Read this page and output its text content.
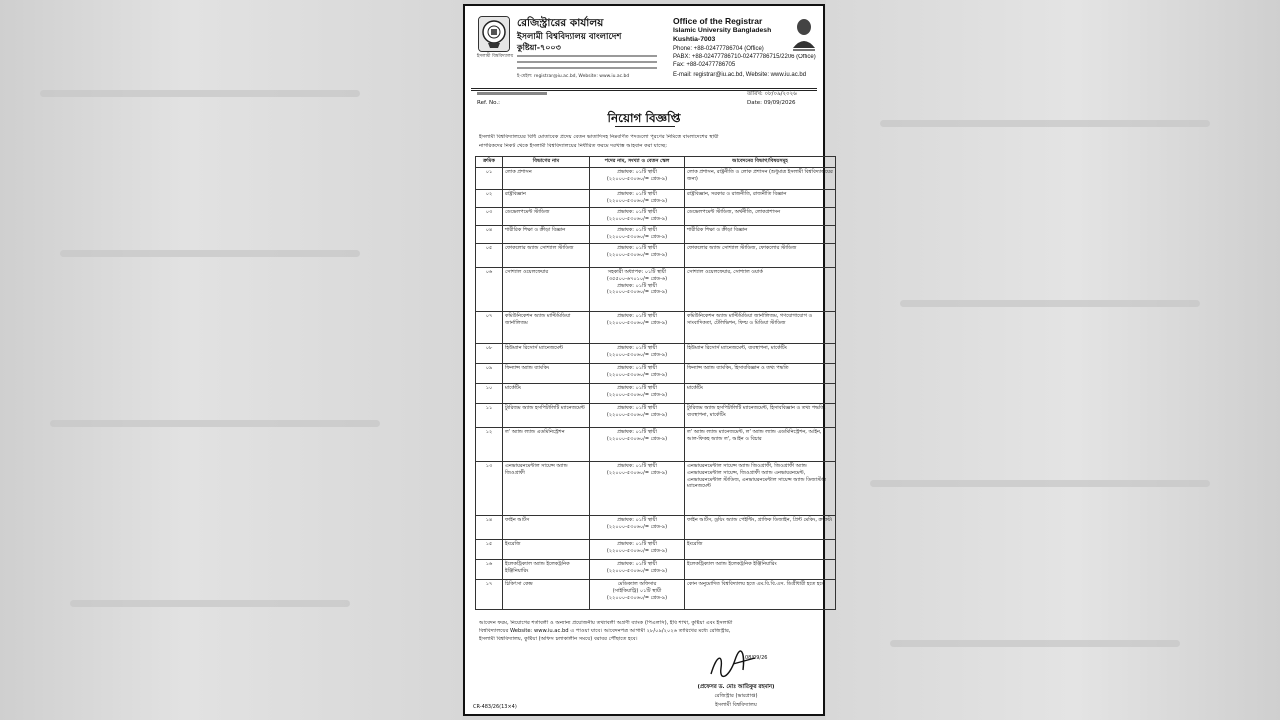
ইসলামী বিশ্ববিদ্যালয়
রেজিস্ট্রারের কার্যালয়
ইসলামী বিশ্ববিদ্যালয় বাংলাদেশ
কুষ্টিয়া-৭০০৩
ই-মেইল: registrar@iu.ac.bd, Website: www.iu.ac.bd
Office of the Registrar
Islamic University Bangladesh
Kushtia-7003
Phone: +88-02477786704 (Office)
PABX: +88-02477786710-02477786715/2206 (Office)
Fax: +88-02477786705
E-mail: registrar@iu.ac.bd, Website: www.iu.ac.bd
Ref. No.:
তারিখ: ০৮/০৯/২০২৬
Date: 09/09/2026
নিয়োগ বিজ্ঞপ্তি
ইসলামী বিশ্ববিদ্যালয়ের বিধি মোতাবেক প্রদেয় বেতন ভাতাদিসহ নিম্নবর্ণিত পদগুলো পূরণের নিমিত্তে বাংলাদেশের স্থায়ী
নাগরিকদের নিকট থেকে ইসলামী বিশ্ববিদ্যালয়ের নির্ধারিত ফরমে দরখাস্ত আহবান করা যাচ্ছে:
ক্রমিক	বিভাগের নাম	পদের নাম, সংখ্যা ও বেতন স্কেল	আবেদনের বিভাগ/বিষয়সমূহ
০১	লোক প্রশাসন	প্রভাষক: ০১টি স্থায়ী
(২২০০০-৫৩০৬০/= গ্রেড-৯)	লোক প্রশাসন, রাষ্ট্রনীতি ও লোক প্রশাসন (শুধুমাত্র ইসলামী বিশ্ববিদ্যালয়ের জন্য)
০২	রাষ্ট্রবিজ্ঞান	প্রভাষক: ০১টি স্থায়ী
(২২০০০-৫৩০৬০/= গ্রেড-৯)	রাষ্ট্রবিজ্ঞান, সরকার ও রাজনীতি, রাজনীতি বিজ্ঞান
০৩	ডেভেলপমেন্ট স্টাডিজ	প্রভাষক: ০১টি স্থায়ী
(২২০০০-৫৩০৬০/= গ্রেড-৯)	ডেভেলপমেন্ট স্টাডিজ, অর্থনীতি, লোকপ্রশাসন
০৪	শারীরিক শিক্ষা ও ক্রীড়া বিজ্ঞান	প্রভাষক: ০১টি স্থায়ী
(২২০০০-৫৩০৬০/= গ্রেড-৯)	শারীরিক শিক্ষা ও ক্রীড়া বিজ্ঞান
০৫	ফোকলোর অ্যান্ড সোশ্যাল স্টাডিজ	প্রভাষক: ০১টি স্থায়ী
(২২০০০-৫৩০৬০/= গ্রেড-৯)	ফোকলোর অ্যান্ড সোশ্যাল স্টাডিজ, ফোকলোর স্টাডিজ
০৬	সোশ্যাল ওয়েলফেয়ার	সহকারী অধ্যাপক: ০১টি স্থায়ী
(৩৫৫০০-৬৭০১০/= গ্রেড-৬)
প্রভাষক: ০১টি স্থায়ী
(২২০০০-৫৩০৬০/= গ্রেড-৯)	সোশ্যাল ওয়েলফেয়ার, সোশ্যাল ওয়ার্ক
০৭	কমিউনিকেশন অ্যান্ড মাল্টিমিডিয়া জার্নালিজম	প্রভাষক: ০১টি স্থায়ী
(২২০০০-৫৩০৬০/= গ্রেড-৯)	কমিউনিকেশন অ্যান্ড মাল্টিমিডিয়া জার্নালিজম, গণযোগাযোগ ও সাংবাদিকতা, টেলিভিশন, ফিল্ম ও মিডিয়া স্টাডিজ
০৮	হিউম্যান রিসোর্স ম্যানেজমেন্ট	প্রভাষক: ০১টি স্থায়ী
(২২০০০-৫৩০৬০/= গ্রেড-৯)	হিউম্যান রিসোর্স ম্যানেজমেন্ট, ব্যবস্থাপনা, মার্কেটিং
০৯	ফিন্যান্স অ্যান্ড ব্যাংকিং	প্রভাষক: ০১টি স্থায়ী
(২২০০০-৫৩০৬০/= গ্রেড-৯)	ফিন্যান্স অ্যান্ড ব্যাংকিং, হিসাববিজ্ঞান ও তথ্য পদ্ধতি
১০	মার্কেটিং	প্রভাষক: ০১টি স্থায়ী
(২২০০০-৫৩০৬০/= গ্রেড-৯)	মার্কেটিং
১১	ট্যুরিজম অ্যান্ড হসপিটালিটি ম্যানেজমেন্ট	প্রভাষক: ০১টি স্থায়ী
(২২০০০-৫৩০৬০/= গ্রেড-৯)	ট্যুরিজম অ্যান্ড হসপিটালিটি ম্যানেজমেন্ট, হিসাববিজ্ঞান ও তথ্য পদ্ধতি, ব্যবস্থাপনা, মার্কেটিং
১২	ল' অ্যান্ড ল্যান্ড এডমিনিস্ট্রেশন	প্রভাষক: ০১টি স্থায়ী
(২২০০০-৫৩০৬০/= গ্রেড-৯)	ল' অ্যান্ড ল্যান্ড ম্যানেজমেন্ট, ল' অ্যান্ড ল্যান্ড এডমিনিস্ট্রেশন, আইন, আল-ফিকহ অ্যান্ড ল', আইন ও বিচার
১৩	এনভায়রনমেন্টাল সায়েন্স অ্যান্ড জিওগ্রাফী	প্রভাষক: ০১টি স্থায়ী
(২২০০০-৫৩০৬০/= গ্রেড-৯)	এনভায়রনমেন্টাল সায়েন্স অ্যান্ড জিওগ্রাফী, জিওগ্রাফী অ্যান্ড এনভায়রনমেন্টাল সায়েন্স, জিওগ্রাফী অ্যান্ড এনভায়রনমেন্ট, এনভায়রনমেন্টাল স্টাডিজ, এনভায়রনমেন্টাল সায়েন্স অ্যান্ড ডিজাস্টার ম্যানেজমেন্ট
১৪	ফাইন আর্টস	প্রভাষক: ০১টি স্থায়ী
(২২০০০-৫৩০৬০/= গ্রেড-৯)	ফাইন আর্টস, ড্রয়িং অ্যান্ড পেইন্টিং, গ্রাফিক ডিজাইন, প্রিন্ট মেকিং, ক্রাফট।
১৫	ইংরেজি	প্রভাষক: ০১টি স্থায়ী
(২২০০০-৫৩০৬০/= গ্রেড-৯)	ইংরেজি
১৬	ইলেকট্রিক্যাল অ্যান্ড ইলেকট্রনিক ইঞ্জিনিয়ারিং	প্রভাষক: ০১টি স্থায়ী
(২২০০০-৫৩০৬০/= গ্রেড-৯)	ইলেকট্রিক্যাল অ্যান্ড ইলেকট্রনিক ইঞ্জিনিয়ারিং
১৭	চিকিৎসা কেন্দ্র	মেডিক্যাল অফিসার
(সাইকিয়াট্রি) ০১টি স্থায়ী
(২২০০০-৫৩০৬০/= গ্রেড-৯)	কোন অনুমোদিত বিশ্ববিদ্যালয় হতে এম.বি.বি.এস. ডিগ্রীধারী হতে হবে
আবেদন ফরম, নিয়োগের শর্তাবলী ও অন্যান্য প্রয়োজনীয় তথ্যাবলী অগ্রণী ব্যাংক (পিএলসি), ইবি শাখা, কুষ্টিয়া এবং ইসলামী
বিশ্ববিদ্যালয়ের Website: www.iu.ac.bd এ পাওয়া যাবে। আবেদনপত্র আগামী ২৮/০৯/২০২৬ তারিখের মধ্যে রেজিস্ট্রার,
ইসলামী বিশ্ববিদ্যালয়, কুষ্টিয়া (অফিস চলাকালীন সময়ে) বরাবর পৌঁছাতে হবে।
08/09/26
(প্রফেসর ড. মোঃ আতিকুর রহমান)
রেজিস্ট্রার (ভারপ্রাপ্ত)
ইসলামী বিশ্ববিদ্যালয়
CR-483/26(13×4)
